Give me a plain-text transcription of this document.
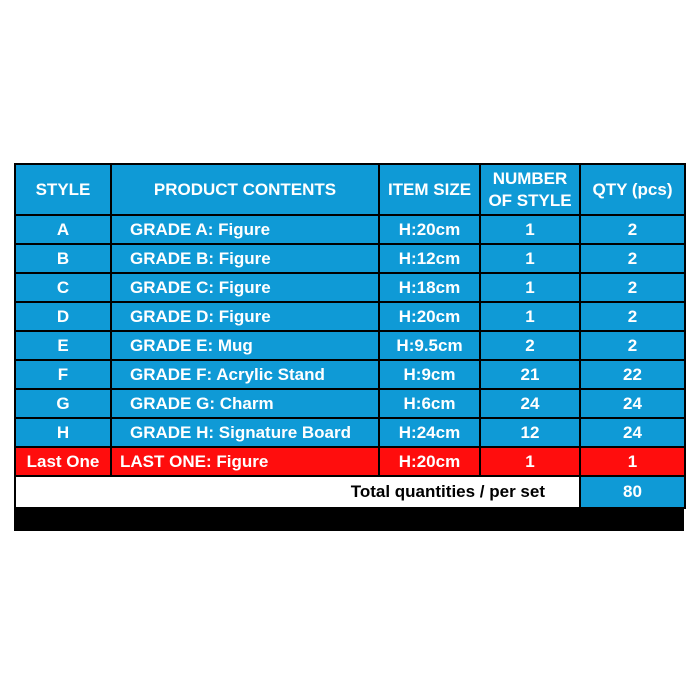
STYLE	PRODUCT CONTENTS	ITEM SIZE	NUMBER OF STYLE	QTY (pcs)
A	GRADE A: Figure	H:20cm	1	2
B	GRADE B: Figure	H:12cm	1	2
C	GRADE C: Figure	H:18cm	1	2
D	GRADE D: Figure	H:20cm	1	2
E	GRADE E: Mug	H:9.5cm	2	2
F	GRADE F: Acrylic Stand	H:9cm	21	22
G	GRADE G: Charm	H:6cm	24	24
H	GRADE H: Signature Board	H:24cm	12	24
Last One	LAST ONE: Figure	H:20cm	1	1
Total quantities / per set				80
